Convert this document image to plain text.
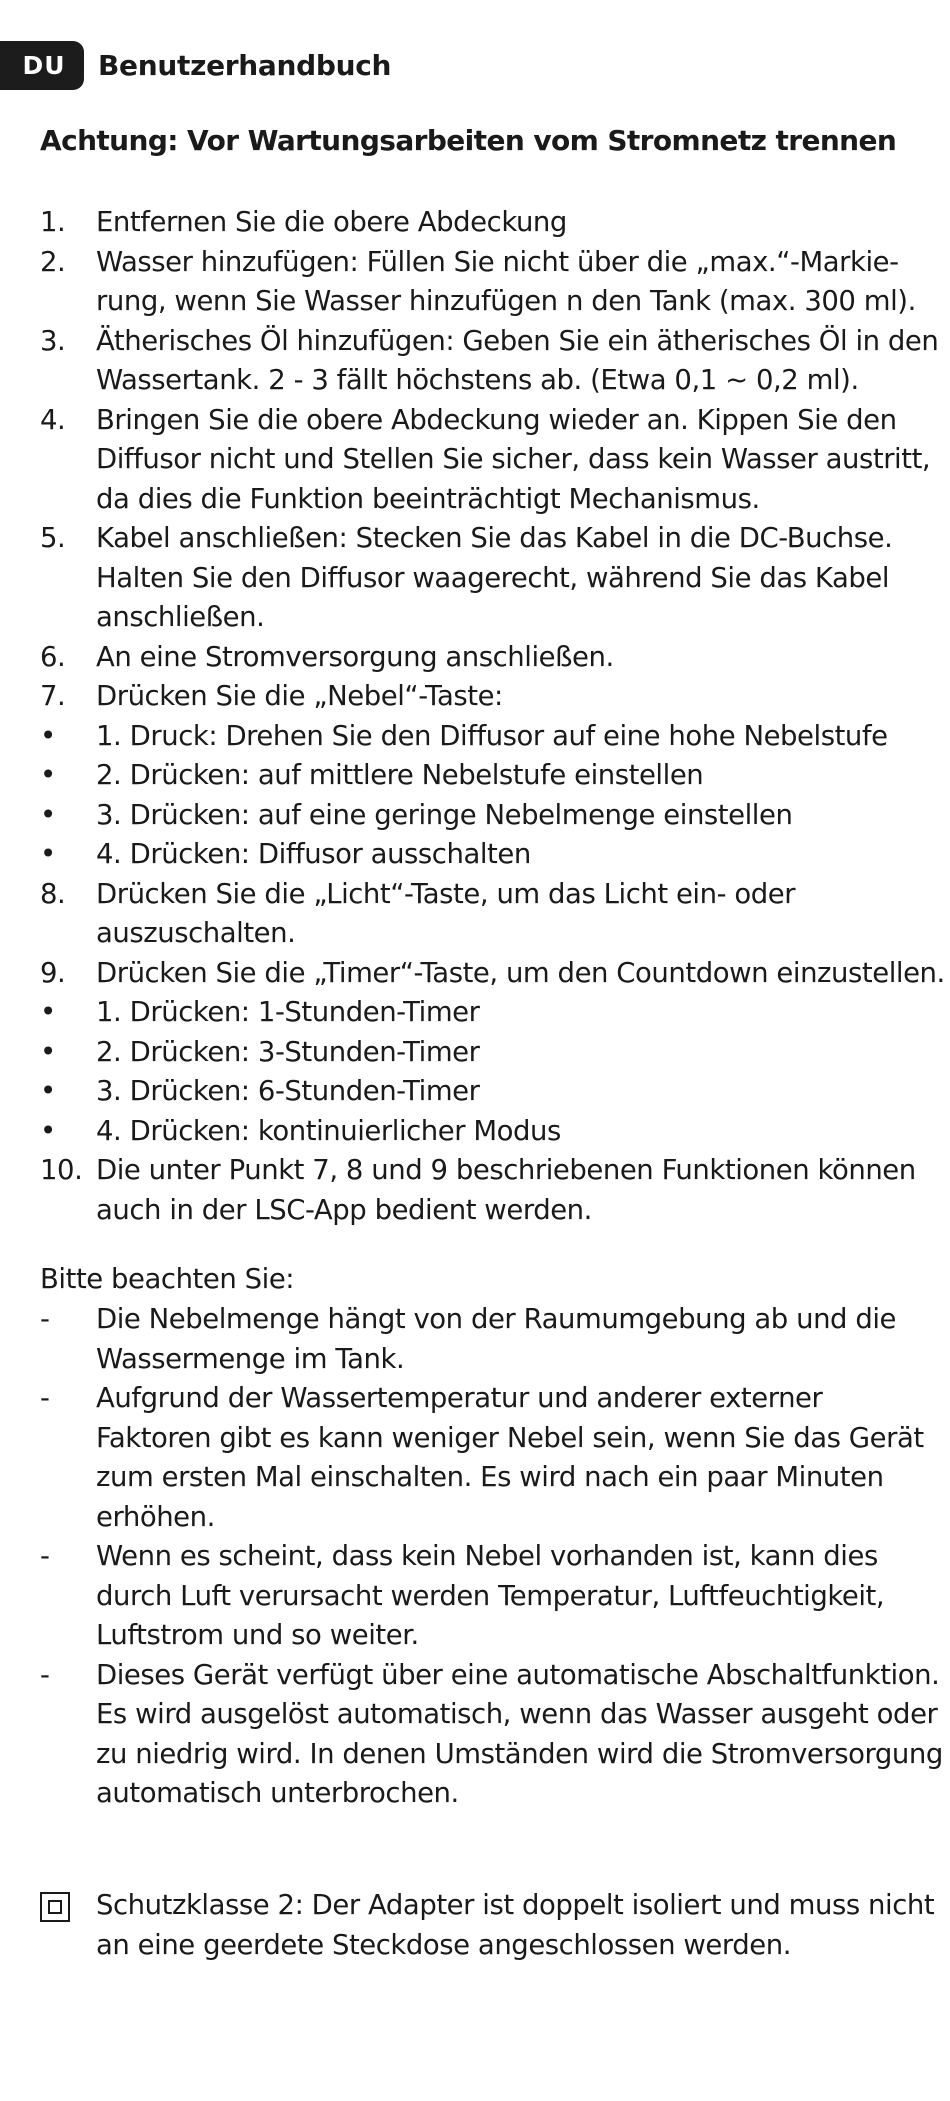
DU	Benutzerhandbuch
Achtung: Vor Wartungsarbeiten vom Stromnetz trennen
1.	Entfernen Sie die obere Abdeckung
2.	Wasser hinzufügen: Füllen Sie nicht über die „max.“-Markie-
rung, wenn Sie Wasser hinzufügen n den Tank (max. 300 ml).
3.	Ätherisches Öl hinzufügen: Geben Sie ein ätherisches Öl in den
Wassertank. 2 - 3 fällt höchstens ab. (Etwa 0,1 ~ 0,2 ml).
4.	Bringen Sie die obere Abdeckung wieder an. Kippen Sie den
Diffusor nicht und Stellen Sie sicher, dass kein Wasser austritt,
da dies die Funktion beeinträchtigt Mechanismus.
5.	Kabel anschließen: Stecken Sie das Kabel in die DC-Buchse.
Halten Sie den Diffusor waagerecht, während Sie das Kabel
anschließen.
6.	An eine Stromversorgung anschließen.
7.	Drücken Sie die „Nebel“-Taste:
•	1. Druck: Drehen Sie den Diffusor auf eine hohe Nebelstufe
•	2. Drücken: auf mittlere Nebelstufe einstellen
•	3. Drücken: auf eine geringe Nebelmenge einstellen
•	4. Drücken: Diffusor ausschalten
8.	Drücken Sie die „Licht“-Taste, um das Licht ein- oder
auszuschalten.
9.	Drücken Sie die „Timer“-Taste, um den Countdown einzustellen.
•	1. Drücken: 1-Stunden-Timer
•	2. Drücken: 3-Stunden-Timer
•	3. Drücken: 6-Stunden-Timer
•	4. Drücken: kontinuierlicher Modus
10. Die unter Punkt 7, 8 und 9 beschriebenen Funktionen können
auch in der LSC-App bedient werden.
Bitte beachten Sie:
-	Die Nebelmenge hängt von der Raumumgebung ab und die
Wassermenge im Tank.
-	Aufgrund der Wassertemperatur und anderer externer
Faktoren gibt es kann weniger Nebel sein, wenn Sie das Gerät
zum ersten Mal einschalten. Es wird nach ein paar Minuten
erhöhen.
-	Wenn es scheint, dass kein Nebel vorhanden ist, kann dies
durch Luft verursacht werden Temperatur, Luftfeuchtigkeit,
Luftstrom und so weiter.
-	Dieses Gerät verfügt über eine automatische Abschaltfunktion.
Es wird ausgelöst automatisch, wenn das Wasser ausgeht oder
zu niedrig wird. In denen Umständen wird die Stromversorgung
automatisch unterbrochen.
Schutzklasse 2: Der Adapter ist doppelt isoliert und muss nicht
an eine geerdete Steckdose angeschlossen werden.
